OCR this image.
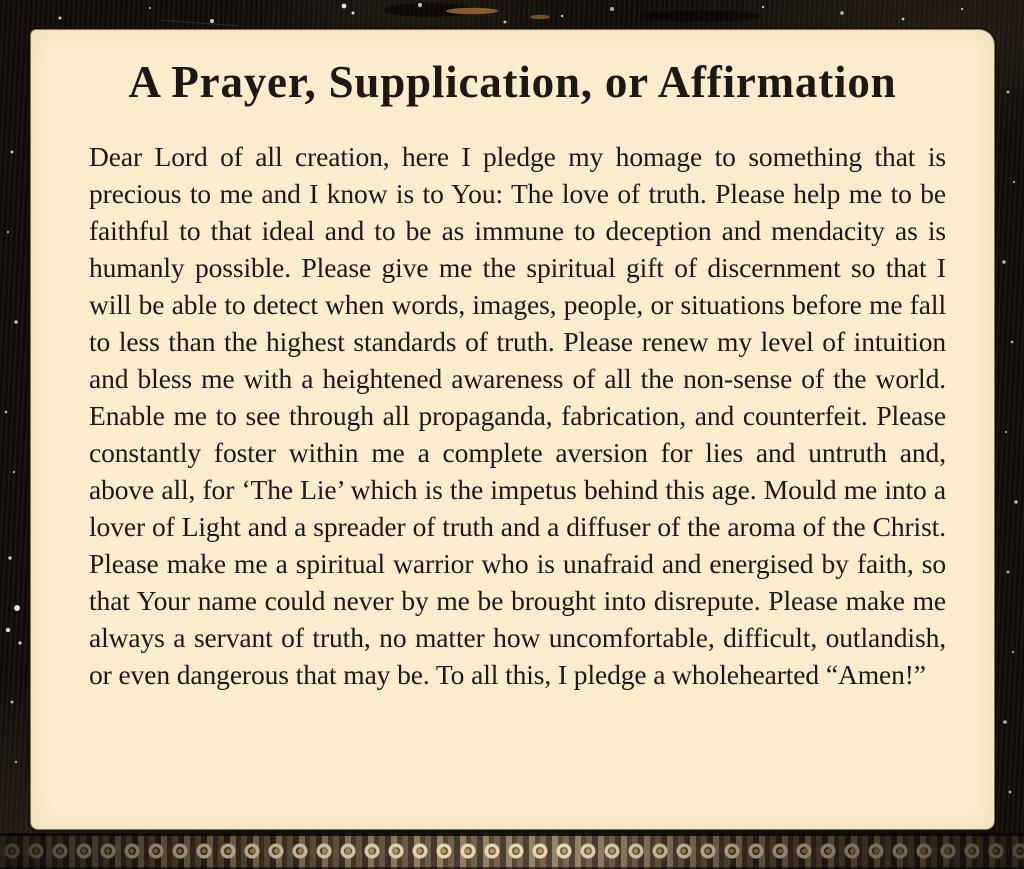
A Prayer, Supplication, or Affirmation

Dear Lord of all creation, here I pledge my homage to something that is precious to me and I know is to You: The love of truth. Please help me to be faithful to that ideal and to be as immune to deception and mendacity as is humanly possible. Please give me the spiritual gift of discernment so that I will be able to detect when words, images, people, or situations before me fall to less than the highest standards of truth. Please renew my level of intuition and bless me with a heightened awareness of all the non-sense of the world. Enable me to see through all propaganda, fabrication, and counterfeit. Please constantly foster within me a complete aversion for lies and untruth and, above all, for ‘The Lie’ which is the impetus behind this age. Mould me into a lover of Light and a spreader of truth and a diffuser of the aroma of the Christ. Please make me a spiritual warrior who is unafraid and energised by faith, so that Your name could never by me be brought into disrepute. Please make me always a servant of truth, no matter how uncomfortable, difficult, outlandish, or even dangerous that may be. To all this, I pledge a wholehearted “Amen!”
